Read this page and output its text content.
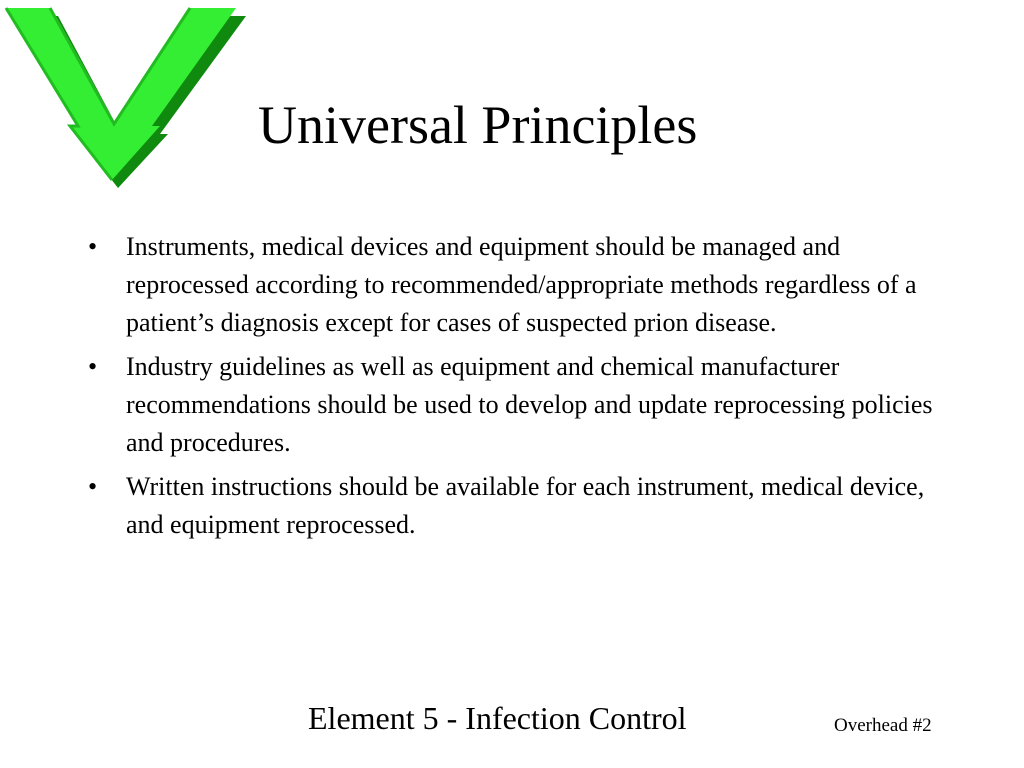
Universal Principles
• Instruments, medical devices and equipment should be managed and reprocessed according to recommended/appropriate methods regardless of a patient’s diagnosis except for cases of suspected prion disease.
• Industry guidelines as well as equipment and chemical manufacturer recommendations should be used to develop and update reprocessing policies and procedures.
• Written instructions should be available for each instrument, medical device, and equipment reprocessed.
Element 5 - Infection Control	Overhead #2
